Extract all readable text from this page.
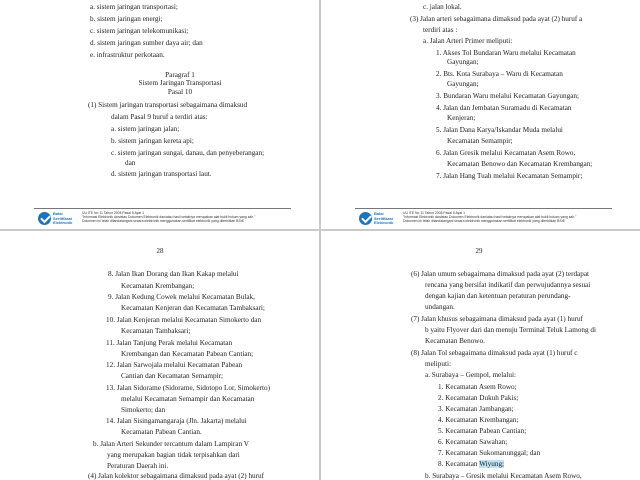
a. sistem jaringan transportasi;
b. sistem jaringan energi;
c. sistem jaringan telekomunikasi;
d. sistem jaringan sumber daya air; dan
e. infrastruktur perkotaan.
(1) Sistem jaringan transportasi sebagaimana dimaksud
dalam Pasal 9 huruf a terdiri atas:
a. sistem jaringan jalan;
b. sistem jaringan kereta api;
c. sistem jaringan sungai, danau, dan penyeberangan;
dan
d. sistem jaringan transportasi laut.
Paragraf 1
Sistem Jaringan Transportasi
Pasal 10
Balai Sertifikasi Elektronik
UU ITE No 11 Tahun 2008 Pasal 5 Ayat 1
"Informasi Elektronik dan/atau Dokumen Elektronik dan/atau hasil cetaknya merupakan alat bukti hukum yang sah."
Dokumen ini telah ditandatangani secara elektronik menggunakan sertifikat elektronik yang diterbitkan BSrE
c. jalan lokal.
(3) Jalan arteri sebagaimana dimaksud pada ayat (2) huruf a
terdiri atas :
a. Jalan Arteri Primer meliputi:
1. Akses Tol Bundaran Waru melalui Kecamatan
Gayungan;
2. Bts. Kota Surabaya – Waru di Kecamatan
Gayungan;
3. Bundaran Waru melalui Kecamatan Gayungan;
4. Jalan dan Jembatan Suramadu di Kecamatan
Kenjeran;
5. Jalan Dana Karya/Iskandar Muda melalui
Kecamatan Semampir;
6. Jalan Gresik melalui Kecamatan Asem Rowo,
Kecamatan Benowo dan Kecamatan Krembangan;
7. Jalan Hang Tuah melalui Kecamatan Semampir;
Balai Sertifikasi Elektronik
UU ITE No 11 Tahun 2008 Pasal 5 Ayat 1
"Informasi Elektronik dan/atau Dokumen Elektronik dan/atau hasil cetaknya merupakan alat bukti hukum yang sah."
Dokumen ini telah ditandatangani secara elektronik menggunakan sertifikat elektronik yang diterbitkan BSrE
28
8. Jalan Ikan Dorang dan Ikan Kakap melalui
Kecamatan Krembangan;
9. Jalan Kedung Cowek melalui Kecamatan Bulak,
Kecamatan Kenjeran dan Kecamatan Tambaksari;
10. Jalan Kenjeran melalui Kecamatan Simokerto dan
Kecamatan Tambaksari;
11. Jalan Tanjung Perak melalui Kecamatan
Krembangan dan Kecamatan Pabean Cantian;
12. Jalan Sarwojala melalui Kecamatan Pabean
Cantian dan Kecamatan Semampir;
13. Jalan Sidorame (Sidorame, Sidotopo Lor, Simokerto)
melalui Kecamatan Semampir dan Kecamatan
Simokerto; dan
14. Jalan Sisingamangaraja (Jln. Jakarta) melalui
Kecamatan Pabean Cantian.
b. Jalan Arteri Sekunder tercantum dalam Lampiran V
yang merupakan bagian tidak terpisahkan dari
Peraturan Daerah ini.
(4) Jalan kolektor sebagaimana dimaksud pada ayat (2) huruf
29
(6) Jalan umum sebagaimana dimaksud pada ayat (2) terdapat
rencana yang bersifat indikatif dan perwujudannya sesuai
dengan kajian dan ketentuan peraturan perundang-
undangan.
(7) Jalan khusus sebagaimana dimaksud pada ayat (1) huruf
b yaitu Flyover dari dan menuju Terminal Teluk Lamong di
Kecamatan Benowo.
(8) Jalan Tol sebagaimana dimaksud pada ayat (1) huruf c
meliputi:
a. Surabaya – Gempol, melalui:
1. Kecamatan Asem Rowo;
2. Kecamatan Dukuh Pakis;
3. Kecamatan Jambangan;
4. Kecamatan Krembangan;
5. Kecamatan Pabean Cantian;
6. Kecamatan Sawahan;
7. Kecamatan Sukomanunggal; dan
b. Surabaya – Gresik melalui Kecamatan Asem Rowo,
8. Kecamatan Wiyung;
